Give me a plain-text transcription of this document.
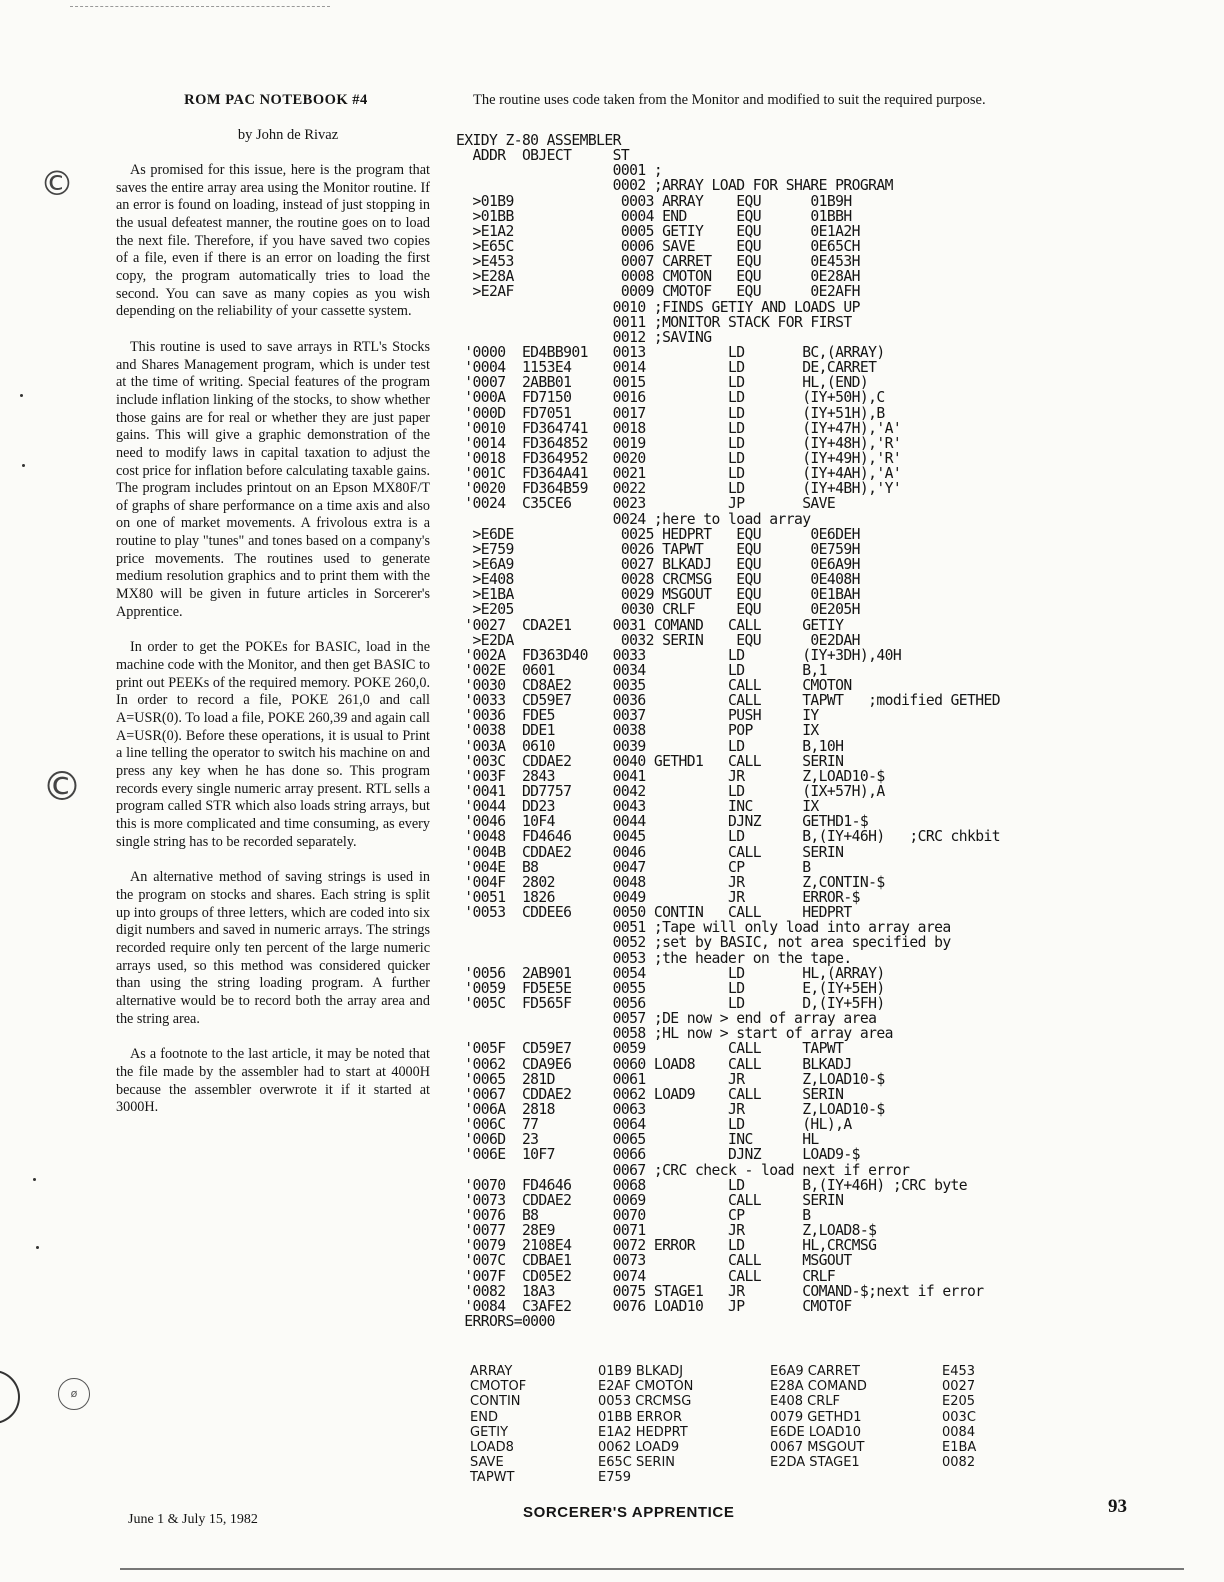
©
©
ø
ROM PAC NOTEBOOK #4
by John de Rivaz

As promised for this issue, here is the program that saves the entire array area using the Monitor routine. If an error is found on loading, instead of just stopping in the usual defeatest manner, the routine goes on to load the next file. Therefore, if you have saved two copies of a file, even if there is an error on loading the first copy, the program automatically tries to load the second. You can save as many copies as you wish depending on the reliability of your cassette system.

This routine is used to save arrays in RTL's Stocks and Shares Management program, which is under test at the time of writing. Special features of the program include inflation linking of the stocks, to show whether those gains are for real or whether they are just paper gains. This will give a graphic demonstration of the need to modify laws in capital taxation to adjust the cost price for inflation before calculating taxable gains. The program includes printout on an Epson MX80F/T of graphs of share performance on a time axis and also on one of market movements. A frivolous extra is a routine to play "tunes" and tones based on a company's price movements. The routines used to generate medium resolution graphics and to print them with the MX80 will be given in future articles in Sorcerer's Apprentice.

In order to get the POKEs for BASIC, load in the machine code with the Monitor, and then get BASIC to print out PEEKs of the required memory. POKE 260,0. In order to record a file, POKE 261,0 and call A=USR(0). To load a file, POKE 260,39 and again call A=USR(0). Before these operations, it is usual to Print a line telling the operator to switch his machine on and press any key when he has done so. This program records every single numeric array present. RTL sells a program called STR which also loads string arrays, but this is more complicated and time consuming, as every single string has to be recorded separately.

An alternative method of saving strings is used in the program on stocks and shares. Each string is split up into groups of three letters, which are coded into six digit numbers and saved in numeric arrays. The strings recorded require only ten percent of the large numeric arrays used, so this method was considered quicker than using the string loading program. A further alternative would be to record both the array area and the string area.

As a footnote to the last article, it may be noted that the file made by the assembler had to start at 4000H because the assembler overwrote it if it started at 3000H.

The routine uses code taken from the Monitor and modified to suit the required purpose.
EXIDY Z-80 ASSEMBLER
ADDR  OBJECT     ST
0001 ;
0002 ;ARRAY LOAD FOR SHARE PROGRAM
>01B9             0003 ARRAY    EQU      01B9H
>01BB             0004 END      EQU      01BBH
>E1A2             0005 GETIY    EQU      0E1A2H
>E65C             0006 SAVE     EQU      0E65CH
>E453             0007 CARRET   EQU      0E453H
>E28A             0008 CMOTON   EQU      0E28AH
>E2AF             0009 CMOTOF   EQU      0E2AFH
0010 ;FINDS GETIY AND LOADS UP
0011 ;MONITOR STACK FOR FIRST
0012 ;SAVING
'0000  ED4BB901   0013          LD       BC,(ARRAY)
'0004  1153E4     0014          LD       DE,CARRET
'0007  2ABB01     0015          LD       HL,(END)
'000A  FD7150     0016          LD       (IY+50H),C
'000D  FD7051     0017          LD       (IY+51H),B
'0010  FD364741   0018          LD       (IY+47H),'A'
'0014  FD364852   0019          LD       (IY+48H),'R'
'0018  FD364952   0020          LD       (IY+49H),'R'
'001C  FD364A41   0021          LD       (IY+4AH),'A'
'0020  FD364B59   0022          LD       (IY+4BH),'Y'
'0024  C35CE6     0023          JP       SAVE
0024 ;here to load array
>E6DE             0025 HEDPRT   EQU      0E6DEH
>E759             0026 TAPWT    EQU      0E759H
>E6A9             0027 BLKADJ   EQU      0E6A9H
>E408             0028 CRCMSG   EQU      0E408H
>E1BA             0029 MSGOUT   EQU      0E1BAH
>E205             0030 CRLF     EQU      0E205H
'0027  CDA2E1     0031 COMAND   CALL     GETIY
>E2DA             0032 SERIN    EQU      0E2DAH
'002A  FD363D40   0033          LD       (IY+3DH),40H
'002E  0601       0034          LD       B,1
'0030  CD8AE2     0035          CALL     CMOTON
'0033  CD59E7     0036          CALL     TAPWT   ;modified GETHED
'0036  FDE5       0037          PUSH     IY
'0038  DDE1       0038          POP      IX
'003A  0610       0039          LD       B,10H
'003C  CDDAE2     0040 GETHD1   CALL     SERIN
'003F  2843       0041          JR       Z,LOAD10-$
'0041  DD7757     0042          LD       (IX+57H),A
'0044  DD23       0043          INC      IX
'0046  10F4       0044          DJNZ     GETHD1-$
'0048  FD4646     0045          LD       B,(IY+46H)   ;CRC chkbit
'004B  CDDAE2     0046          CALL     SERIN
'004E  B8         0047          CP       B
'004F  2802       0048          JR       Z,CONTIN-$
'0051  1826       0049          JR       ERROR-$
'0053  CDDEE6     0050 CONTIN   CALL     HEDPRT
0051 ;Tape will only load into array area
0052 ;set by BASIC, not area specified by
0053 ;the header on the tape.
'0056  2AB901     0054          LD       HL,(ARRAY)
'0059  FD5E5E     0055          LD       E,(IY+5EH)
'005C  FD565F     0056          LD       D,(IY+5FH)
0057 ;DE now > end of array area
0058 ;HL now > start of array area
'005F  CD59E7     0059          CALL     TAPWT
'0062  CDA9E6     0060 LOAD8    CALL     BLKADJ
'0065  281D       0061          JR       Z,LOAD10-$
'0067  CDDAE2     0062 LOAD9    CALL     SERIN
'006A  2818       0063          JR       Z,LOAD10-$
'006C  77         0064          LD       (HL),A
'006D  23         0065          INC      HL
'006E  10F7       0066          DJNZ     LOAD9-$
0067 ;CRC check - load next if error
'0070  FD4646     0068          LD       B,(IY+46H) ;CRC byte
'0073  CDDAE2     0069          CALL     SERIN
'0076  B8         0070          CP       B
'0077  28E9       0071          JR       Z,LOAD8-$
'0079  2108E4     0072 ERROR    LD       HL,CRCMSG
'007C  CDBAE1     0073          CALL     MSGOUT
'007F  CD05E2     0074          CALL     CRLF
'0082  18A3       0075 STAGE1   JR       COMAND-$;next if error
'0084  C3AFE2     0076 LOAD10   JP       CMOTOF
ERRORS=0000
ARRAY	01B9 BLKADJ	E6A9 CARRET	E453
CMOTOF	E2AF CMOTON	E28A COMAND	0027
CONTIN	0053 CRCMSG	E408 CRLF	E205
END	01BB ERROR	0079 GETHD1	003C
GETIY	E1A2 HEDPRT	E6DE LOAD10	0084
LOAD8	0062 LOAD9	0067 MSGOUT	E1BA
SAVE	E65C SERIN	E2DA STAGE1	0082
TAPWT	E759
June 1 & July 15, 1982	SORCERER'S APPRENTICE	93
